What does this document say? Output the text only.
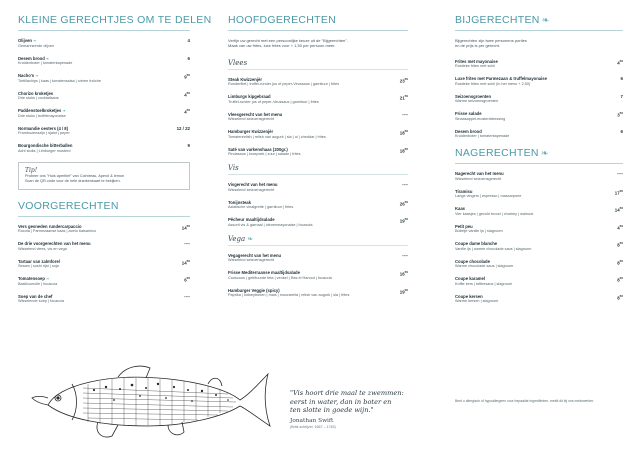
KLEINE GERECHTJES OM TE DELEN
Olijven ❧
Gemarineerde olijven
4
Desem brood ❧
Kruidenboter | tomatentapenade
6
Nacho's ❧
Tortillachips | kaas | tomatensalsa | crème fraîche
$9^{50}$
Chorizo kroketjes
Drie stuks | cocktailsaus
$4^{50}$
Paddenstoelkroketjes ❧
Drie stuks | truffelmayonaise
$4^{50}$
Normandie oesters (4 / 8)
Frambozenazijn | sjalot | peper
12 / 22
Bourgondische bitterballen
Acht stuks | Limburger mosterd
9
Tip!
Probeer ons "Huis aperitief" van Cointreau, Aperol & lemon
Scan de QR-code voor de hele drankenkaart te bekijken.
VOORGERECHTEN
Vers gesneden rundercarpaccio
Rucola | Parmezaanse kaas | aceto balsamico
$14^{50}$
De drie voorgerechten van het menu
Wisselend vlees, vis en vega
----
Tartaar van zalmforel
Sesam | sushi rijst | soja
$14^{50}$
Tomatensoep ❧
Basilicumolie | focaccia
$6^{50}$
Soep van de chef
Wisselende soep | focaccia
----
HOOFDGERECHTEN
Verfijn uw gerecht met een persoonlijke keuze uit de "Bijgerechten".
Maak van uw frites, luxe frites voor + 1,50 per persoon meer.
Vlees
Steak Kwizzenjèr
Runderfilet | truffel-runder jus of peper-Veussaus | garnituur | frites
$23^{50}$
Limburgs kipgebraad
Truffel-runder jus of peper-Veussaus | garnituur | frites
$21^{50}$
Vleesgerecht van het menu
Wisselend seizoensgerecht
----
Hamburger Kwizzenjèr
Tomatenrelish | relish van augurk | sla | ui | cheddar | frites
$18^{50}$
Saté van varkenshaas (200gr.)
Pindasaus | kroepoek | zuur | salade | frites
$18^{50}$
Vis
Visgerecht van het menu
Wisselend seizoensgerecht
----
Tonijnsteak
Aziatische vinaigrette | garnituur | frites
$26^{50}$
Pêcheur maaltijdsalade
Assorti vis & garnaal | citroenmayonaise | focaccia
$19^{50}$
Vega ❧
Vegagerecht van het menu
Wisselend seizoensgerecht
----
Frisse Mediterraanse maaltijdsalade
Couscous | gefrituurde feta | venkel | Ras el Hanout | focaccia
$16^{50}$
Hamburger Veggie (spicy)
Paprika | kidneybonen | mais | mozzarella | relish van augurk | sla | frites
$19^{50}$
BIJGERECHTEN ❧
Bijgerechten zijn twee personens porties
en de prijs is per gerecht.
Frites met mayonaise
Rustieke frites met schil
$4^{50}$
Luxe frites met Parmezaan & truffelmayonaise
Rustieke frites met schil (in het menu + 2,50)
6
Seizoensgroenten
Warme seizoensgroenten
7
Frisse salade
Sinaasappel-mosterddressing
$3^{50}$
Desem brood
Kruidenboter | tomatentapenade
6
NAGERECHTEN ❧
Nagerecht van het menu
Wisselend seizoensgerecht
----
Tiramisu
Lange vingers | espresso | mascarpone
$17^{50}$
Kaas
Vier kaasjes | gevuld brood | chutney | walnoot
$14^{50}$
Petit peu
Bolletje vanille ijs | slagroom
$4^{50}$
Coupe dame blanche
Vanille ijs | warme chocolade saus | slagroom
$8^{50}$
Coupe chocolade
Warme chocolade saus | slagroom
$8^{50}$
Coupe karamel
Koffie kers | toffeesaus | slagroom
$8^{50}$
Coupe kersen
Warme kersen | slagroom
$8^{50}$
Bent u allergisch of hypoallergeen voor bepaalde ingrediënten, meldt dit bij ons medewerker.
"Vis hoort drie maal te zwemmen:
eerst in water, dan in boter en
ten slotte in goede wijn."
Jonathan Swift
(Brits schrijver, 1667 – 1745)
